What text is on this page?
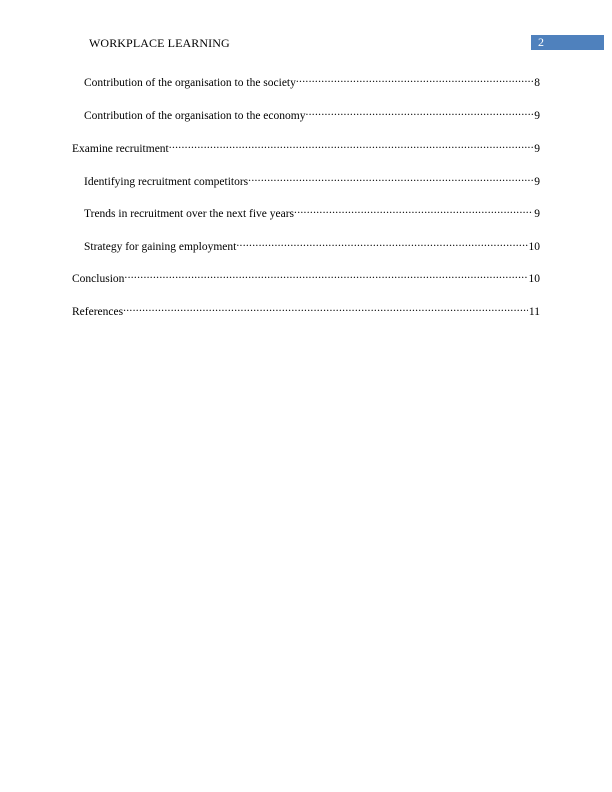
WORKPLACE LEARNING	2
Contribution of the organisation to the society .....	8
Contribution of the organisation to the economy .....	9
Examine recruitment .....	9
Identifying recruitment competitors .....	9
Trends in recruitment over the next five years .....	9
Strategy for gaining employment .....	10
Conclusion .....	10
References .....	11
